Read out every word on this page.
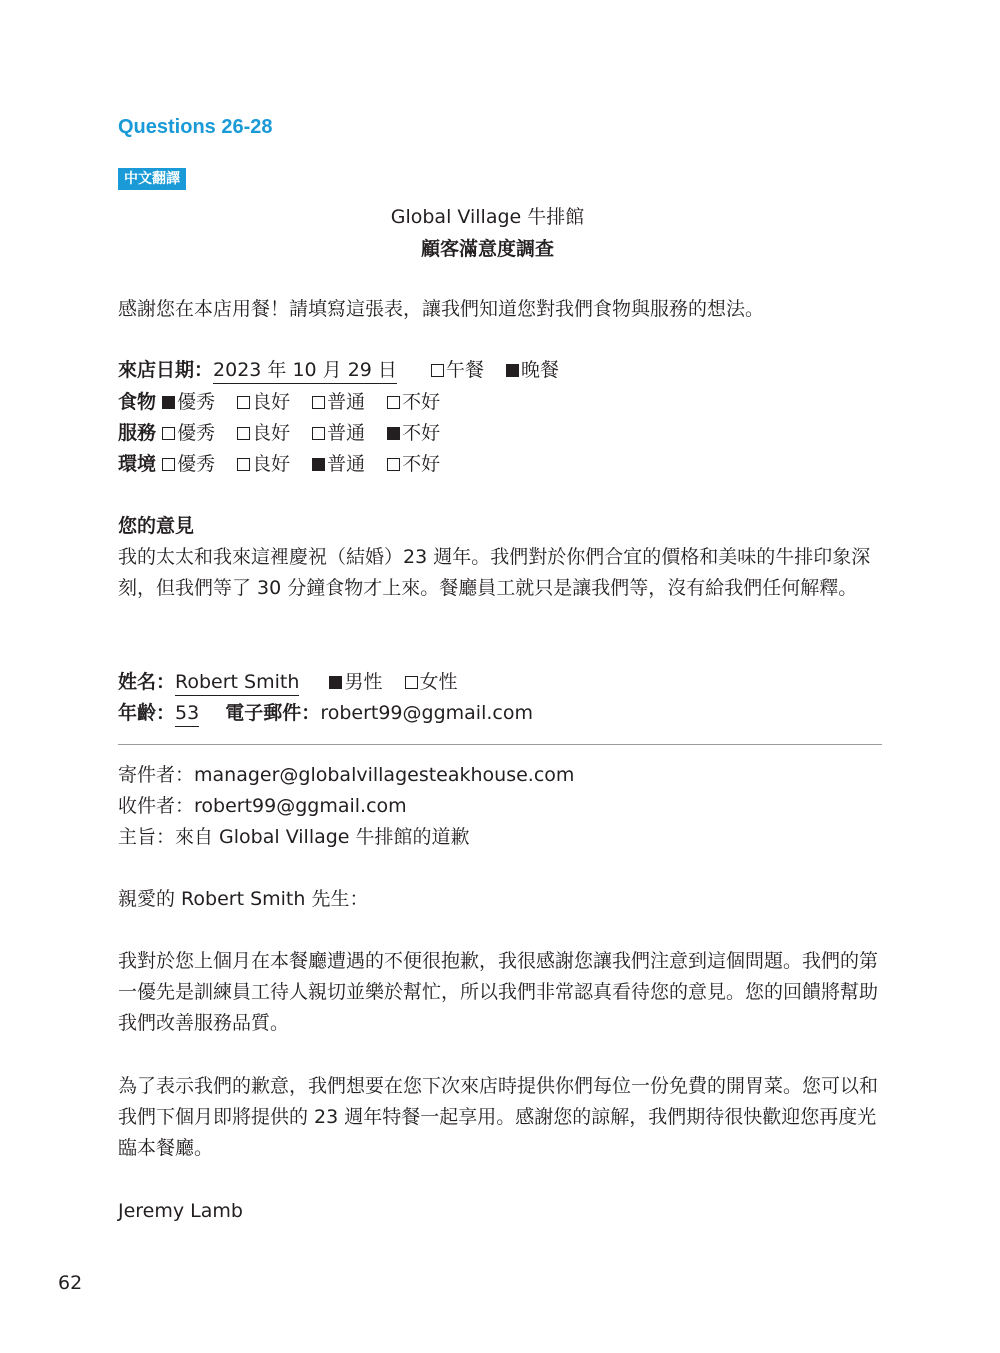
Questions 26-28
中文翻譯
Global Village 牛排館
顧客滿意度調查
感謝您在本店用餐！請填寫這張表，讓我們知道您對我們食物與服務的想法。
來店日期：2023 年 10 月 29 日	午餐 晚餐
食物 優秀 良好 普通 不好
服務 優秀 良好 普通 不好
環境 優秀 良好 普通 不好
您的意見
我的太太和我來這裡慶祝（結婚）23 週年。我們對於你們合宜的價格和美味的牛排印象深刻，但我們等了 30 分鐘食物才上來。餐廳員工就只是讓我們等，沒有給我們任何解釋。
姓名：Robert Smith 男性 女性
年齡：53 電子郵件：robert99@ggmail.com
寄件者：manager@globalvillagesteakhouse.com
收件者：robert99@ggmail.com
主旨：來自 Global Village 牛排館的道歉
親愛的 Robert Smith 先生：
我對於您上個月在本餐廳遭遇的不便很抱歉，我很感謝您讓我們注意到這個問題。我們的第一優先是訓練員工待人親切並樂於幫忙，所以我們非常認真看待您的意見。您的回饋將幫助我們改善服務品質。
為了表示我們的歉意，我們想要在您下次來店時提供你們每位一份免費的開胃菜。您可以和我們下個月即將提供的 23 週年特餐一起享用。感謝您的諒解，我們期待很快歡迎您再度光臨本餐廳。
Jeremy Lamb
62
